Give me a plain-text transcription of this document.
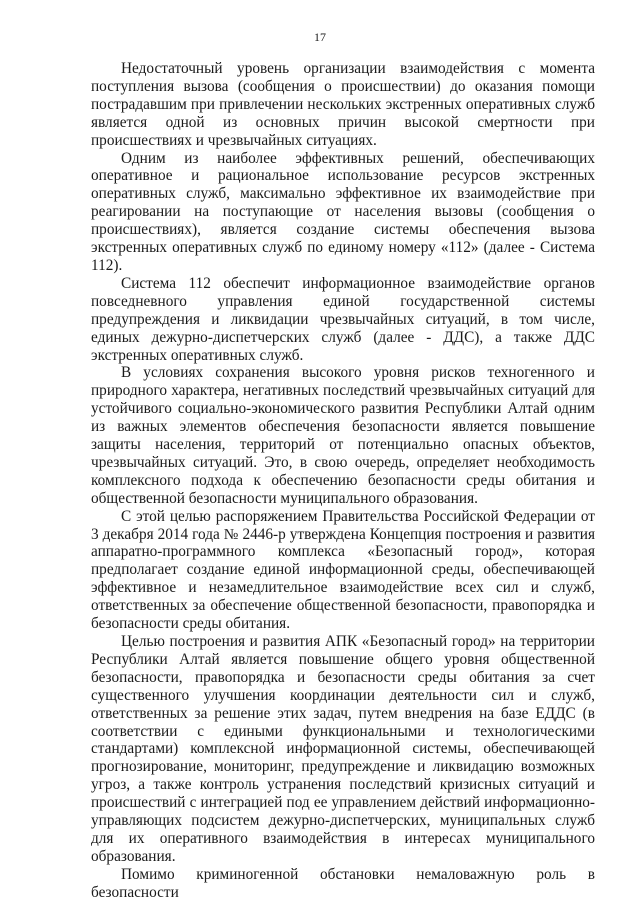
17

Недостаточный уровень организации взаимодействия с момента поступления вызова (сообщения о происшествии) до оказания помощи пострадавшим при привлечении нескольких экстренных оперативных служб является одной из основных причин высокой смертности при происшествиях и чрезвычайных ситуациях.

Одним из наиболее эффективных решений, обеспечивающих оперативное и рациональное использование ресурсов экстренных оперативных служб, максимально эффективное их взаимодействие при реагировании на поступающие от населения вызовы (сообщения о происшествиях), является создание системы обеспечения вызова экстренных оперативных служб по единому номеру «112» (далее - Система 112).

Система 112 обеспечит информационное взаимодействие органов повседневного управления единой государственной системы предупреждения и ликвидации чрезвычайных ситуаций, в том числе, единых дежурно-диспетчерских служб (далее - ДДС), а также ДДС экстренных оперативных служб.

В условиях сохранения высокого уровня рисков техногенного и природного характера, негативных последствий чрезвычайных ситуаций для устойчивого социально-экономического развития Республики Алтай одним из важных элементов обеспечения безопасности является повышение защиты населения, территорий от потенциально опасных объектов, чрезвычайных ситуаций. Это, в свою очередь, определяет необходимость комплексного подхода к обеспечению безопасности среды обитания и общественной безопасности муниципального образования.

С этой целью распоряжением Правительства Российской Федерации от 3 декабря 2014 года № 2446-р утверждена Концепция построения и развития аппаратно-программного комплекса «Безопасный город», которая предполагает создание единой информационной среды, обеспечивающей эффективное и незамедлительное взаимодействие всех сил и служб, ответственных за обеспечение общественной безопасности, правопорядка и безопасности среды обитания.

Целью построения и развития АПК «Безопасный город» на территории Республики Алтай является повышение общего уровня общественной безопасности, правопорядка и безопасности среды обитания за счет существенного улучшения координации деятельности сил и служб, ответственных за решение этих задач, путем внедрения на базе ЕДДС (в соответствии с едиными функциональными и технологическими стандартами) комплексной информационной системы, обеспечивающей прогнозирование, мониторинг, предупреждение и ликвидацию возможных угроз, а также контроль устранения последствий кризисных ситуаций и происшествий с интеграцией под ее управлением действий информационно-управляющих подсистем дежурно-диспетчерских, муниципальных служб для их оперативного взаимодействия в интересах муниципального образования.

Помимо криминогенной обстановки немаловажную роль в безопасности
